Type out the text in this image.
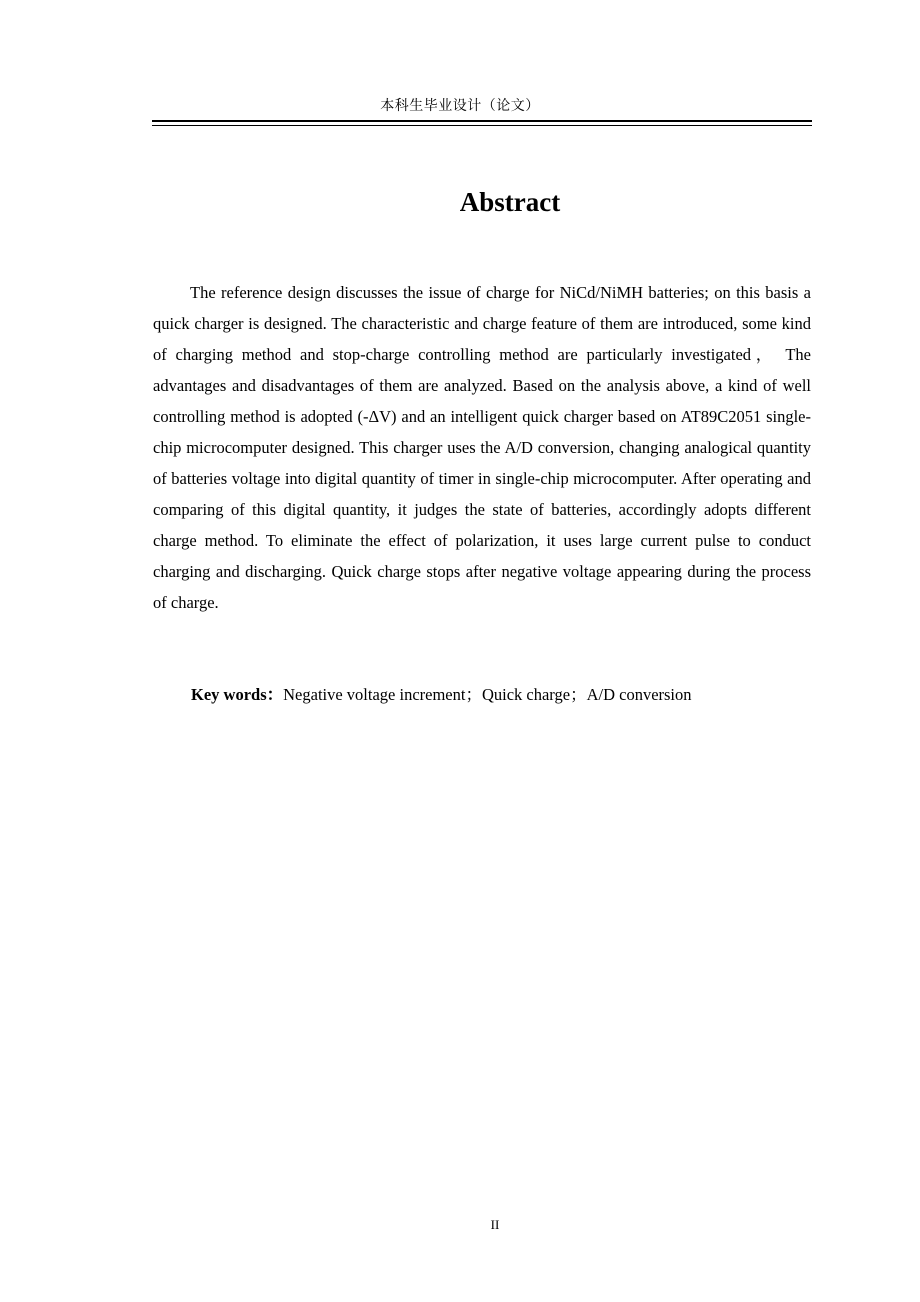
本科生毕业设计（论文）
Abstract

The reference design discusses the issue of charge for NiCd/NiMH batteries; on this basis a quick charger is designed. The characteristic and charge feature of them are introduced, some kind of charging method and stop-charge controlling method are particularly investigated， The advantages and disadvantages of them are analyzed. Based on the analysis above, a kind of well controlling method is adopted (-ΔV) and an intelligent quick charger based on AT89C2051 single-chip microcomputer designed. This charger uses the A/D conversion, changing analogical quantity of batteries voltage into digital quantity of timer in single-chip microcomputer. After operating and comparing of this digital quantity, it judges the state of batteries, accordingly adopts different charge method. To eliminate the effect of polarization, it uses large current pulse to conduct charging and discharging. Quick charge stops after negative voltage appearing during the process of charge.

Key words：Negative voltage increment；Quick charge；A/D conversion
II
